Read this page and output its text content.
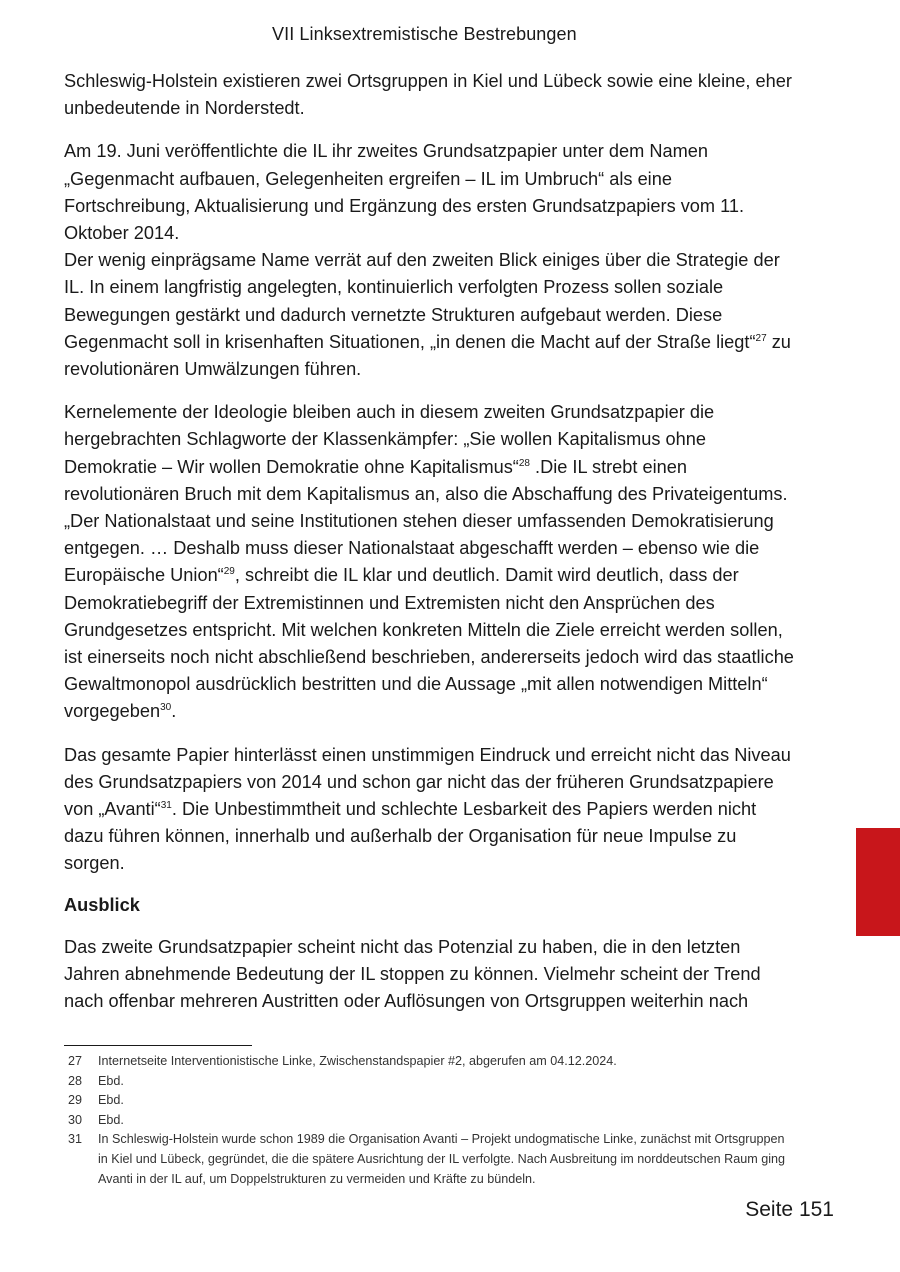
VII Linksextremistische Bestrebungen

Schleswig-Holstein existieren zwei Ortsgruppen in Kiel und Lübeck sowie eine kleine, eher unbedeutende in Norderstedt.

Am 19. Juni veröffentlichte die IL ihr zweites Grundsatzpapier unter dem Namen „Gegenmacht aufbauen, Gelegenheiten ergreifen – IL im Umbruch“ als eine Fortschreibung, Aktualisierung und Ergänzung des ersten Grundsatzpapiers vom 11. Oktober 2014.
Der wenig einprägsame Name verrät auf den zweiten Blick einiges über die Strategie der IL. In einem langfristig angelegten, kontinuierlich verfolgten Prozess sollen soziale Bewegungen gestärkt und dadurch vernetzte Strukturen aufgebaut werden. Diese Gegenmacht soll in krisenhaften Situationen, „in denen die Macht auf der Straße liegt“$^{27}$ zu revolutionären Umwälzungen führen.

Kernelemente der Ideologie bleiben auch in diesem zweiten Grundsatzpapier die hergebrachten Schlagworte der Klassenkämpfer: „Sie wollen Kapitalismus ohne Demokratie – Wir wollen Demokratie ohne Kapitalismus“$^{28}$ .Die IL strebt einen revolutionären Bruch mit dem Kapitalismus an, also die Abschaffung des Privateigentums. „Der Nationalstaat und seine Institutionen stehen dieser umfassenden Demokratisierung entgegen. … Deshalb muss dieser Nationalstaat abgeschafft werden – ebenso wie die Europäische Union“$^{29}$, schreibt die IL klar und deutlich. Damit wird deutlich, dass der Demokratiebegriff der Extremistinnen und Extremisten nicht den Ansprüchen des Grundgesetzes entspricht. Mit welchen konkreten Mitteln die Ziele erreicht werden sollen, ist einerseits noch nicht abschließend beschrieben, andererseits jedoch wird das staatliche Gewaltmonopol ausdrücklich bestritten und die Aussage „mit allen notwendigen Mitteln“ vorgegeben$^{30}$.

Das gesamte Papier hinterlässt einen unstimmigen Eindruck und erreicht nicht das Niveau des Grundsatzpapiers von 2014 und schon gar nicht das der früheren Grundsatzpapiere von „Avanti“$^{31}$. Die Unbestimmtheit und schlechte Lesbarkeit des Papiers werden nicht dazu führen können, innerhalb und außerhalb der Organisation für neue Impulse zu sorgen.

Ausblick

Das zweite Grundsatzpapier scheint nicht das Potenzial zu haben, die in den letzten Jahren abnehmende Bedeutung der IL stoppen zu können. Vielmehr scheint der Trend nach offenbar mehreren Austritten oder Auflösungen von Ortsgruppen weiterhin nach

27	Internetseite Interventionistische Linke, Zwischenstandspapier #2, abgerufen am 04.12.2024.
28	Ebd.
29	Ebd.
30	Ebd.
31	In Schleswig-Holstein wurde schon 1989 die Organisation Avanti – Projekt undogmatische Linke, zunächst mit Ortsgruppen in Kiel und Lübeck, gegründet, die die spätere Ausrichtung der IL verfolgte. Nach Ausbreitung im norddeutschen Raum ging Avanti in der IL auf, um Doppelstrukturen zu vermeiden und Kräfte zu bündeln.
Seite 151
